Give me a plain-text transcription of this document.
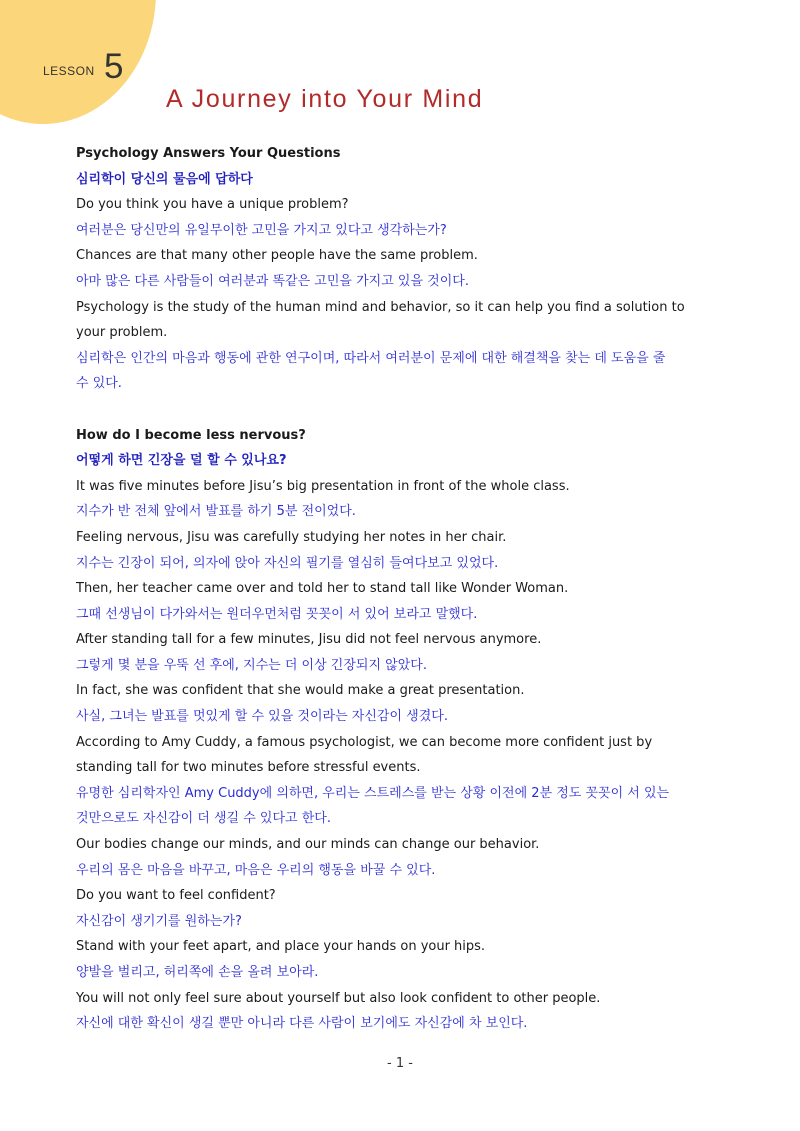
LESSON 5
A Journey into Your Mind

Psychology Answers Your Questions

심리학이 당신의 물음에 답하다

Do you think you have a unique problem?

여러분은 당신만의 유일무이한 고민을 가지고 있다고 생각하는가?

Chances are that many other people have the same problem.

아마 많은 다른 사람들이 여러분과 똑같은 고민을 가지고 있을 것이다.

Psychology is the study of the human mind and behavior, so it can help you find a solution to

your problem.

심리학은 인간의 마음과 행동에 관한 연구이며, 따라서 여러분이 문제에 대한 해결책을 찾는 데 도움을 줄

수 있다.

How do I become less nervous?

어떻게 하면 긴장을 덜 할 수 있나요?

It was five minutes before Jisu’s big presentation in front of the whole class.

지수가 반 전체 앞에서 발표를 하기 5분 전이었다.

Feeling nervous, Jisu was carefully studying her notes in her chair.

지수는 긴장이 되어, 의자에 앉아 자신의 필기를 열심히 들여다보고 있었다.

Then, her teacher came over and told her to stand tall like Wonder Woman.

그때 선생님이 다가와서는 원더우먼처럼 꼿꼿이 서 있어 보라고 말했다.

After standing tall for a few minutes, Jisu did not feel nervous anymore.

그렇게 몇 분을 우뚝 선 후에, 지수는 더 이상 긴장되지 않았다.

In fact, she was confident that she would make a great presentation.

사실, 그녀는 발표를 멋있게 할 수 있을 것이라는 자신감이 생겼다.

According to Amy Cuddy, a famous psychologist, we can become more confident just by

standing tall for two minutes before stressful events.

유명한 심리학자인 Amy Cuddy에 의하면, 우리는 스트레스를 받는 상황 이전에 2분 정도 꼿꼿이 서 있는

것만으로도 자신감이 더 생길 수 있다고 한다.

Our bodies change our minds, and our minds can change our behavior.

우리의 몸은 마음을 바꾸고, 마음은 우리의 행동을 바꿀 수 있다.

Do you want to feel confident?

자신감이 생기기를 원하는가?

Stand with your feet apart, and place your hands on your hips.

양발을 벌리고, 허리쪽에 손을 올려 보아라.

You will not only feel sure about yourself but also look confident to other people.

자신에 대한 확신이 생길 뿐만 아니라 다른 사람이 보기에도 자신감에 차 보인다.

- 1 -
